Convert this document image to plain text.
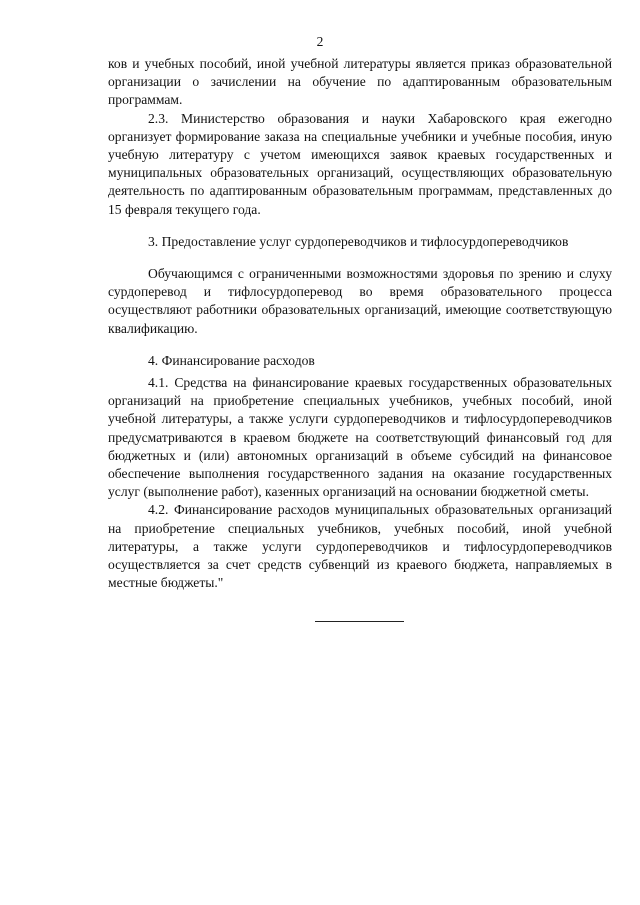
2

ков и учебных пособий, иной учебной литературы является приказ образовательной организации о зачислении на обучение по адаптированным образовательным программам.

2.3. Министерство образования и науки Хабаровского края ежегодно организует формирование заказа на специальные учебники и учебные пособия, иную учебную литературу с учетом имеющихся заявок краевых государственных и муниципальных образовательных организаций, осуществляющих образовательную деятельность по адаптированным образовательным программам, представленных до 15 февраля текущего года.

3. Предоставление услуг сурдопереводчиков и тифлосурдопереводчиков

Обучающимся с ограниченными возможностями здоровья по зрению и слуху сурдоперевод и тифлосурдоперевод во время образовательного процесса осуществляют работники образовательных организаций, имеющие соответствующую квалификацию.

4. Финансирование расходов

4.1. Средства на финансирование краевых государственных образовательных организаций на приобретение специальных учебников, учебных пособий, иной учебной литературы, а также услуги сурдопереводчиков и тифлосурдопереводчиков предусматриваются в краевом бюджете на соответствующий финансовый год для бюджетных и (или) автономных организаций в объеме субсидий на финансовое обеспечение выполнения государственного задания на оказание государственных услуг (выполнение работ), казенных организаций на основании бюджетной сметы.

4.2. Финансирование расходов муниципальных образовательных организаций на приобретение специальных учебников, учебных пособий, иной учебной литературы, а также услуги сурдопереводчиков и тифлосурдопереводчиков осуществляется за счет средств субвенций из краевого бюджета, направляемых в местные бюджеты."
